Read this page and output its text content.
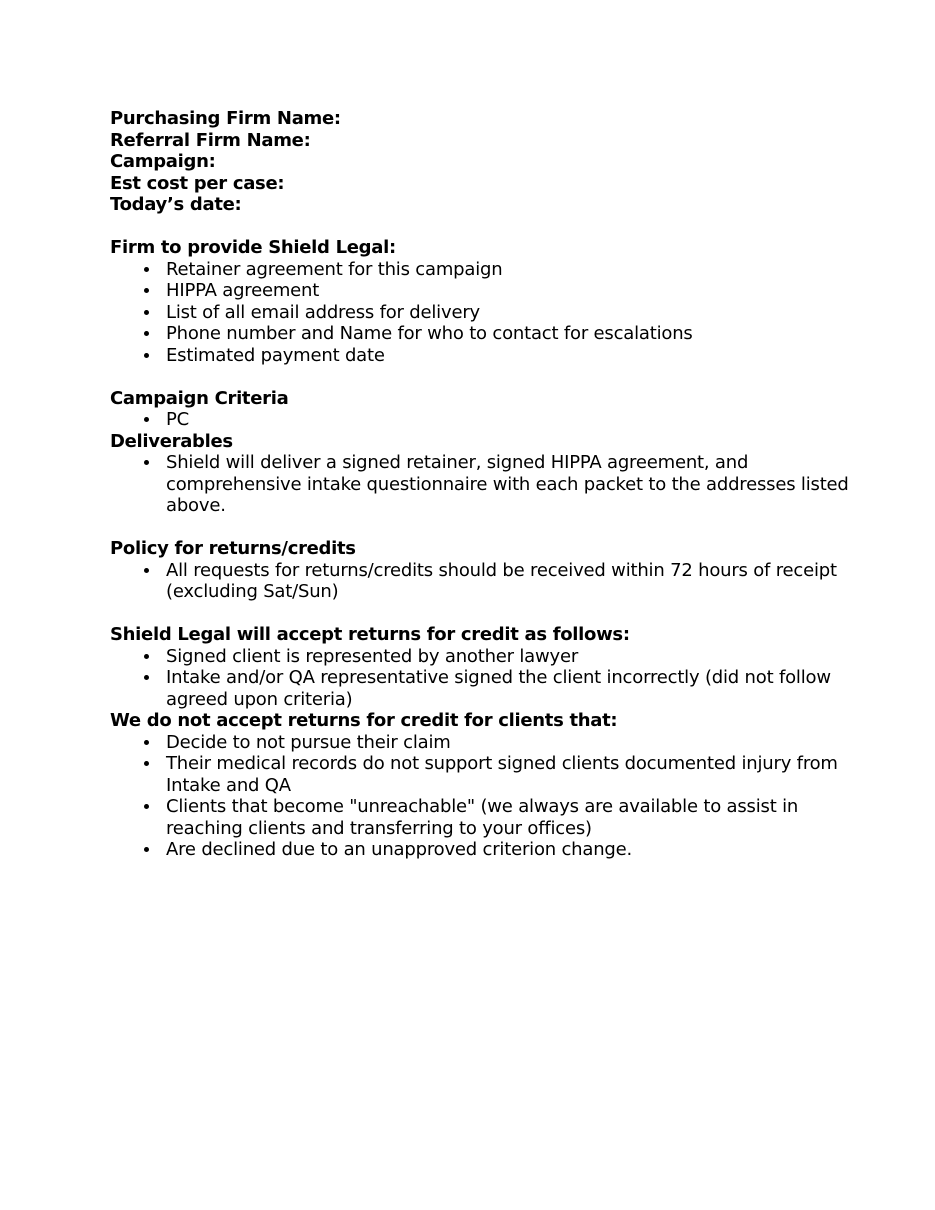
Purchasing Firm Name:
Referral Firm Name:
Campaign:
Est cost per case:
Today’s date:
Firm to provide Shield Legal:
Retainer agreement for this campaign
HIPPA agreement
List of all email address for delivery
Phone number and Name for who to contact for escalations
Estimated payment date
Campaign Criteria
PC
Deliverables
Shield will deliver a signed retainer, signed HIPPA agreement, and comprehensive intake questionnaire with each packet to the addresses listed above.
Policy for returns/credits
All requests for returns/credits should be received within 72 hours of receipt (excluding Sat/Sun)
Shield Legal will accept returns for credit as follows:
Signed client is represented by another lawyer
Intake and/or QA representative signed the client incorrectly (did not follow agreed upon criteria)
We do not accept returns for credit for clients that:
Decide to not pursue their claim
Their medical records do not support signed clients documented injury from Intake and QA
Clients that become "unreachable" (we always are available to assist in reaching clients and transferring to your offices)
Are declined due to an unapproved criterion change.
